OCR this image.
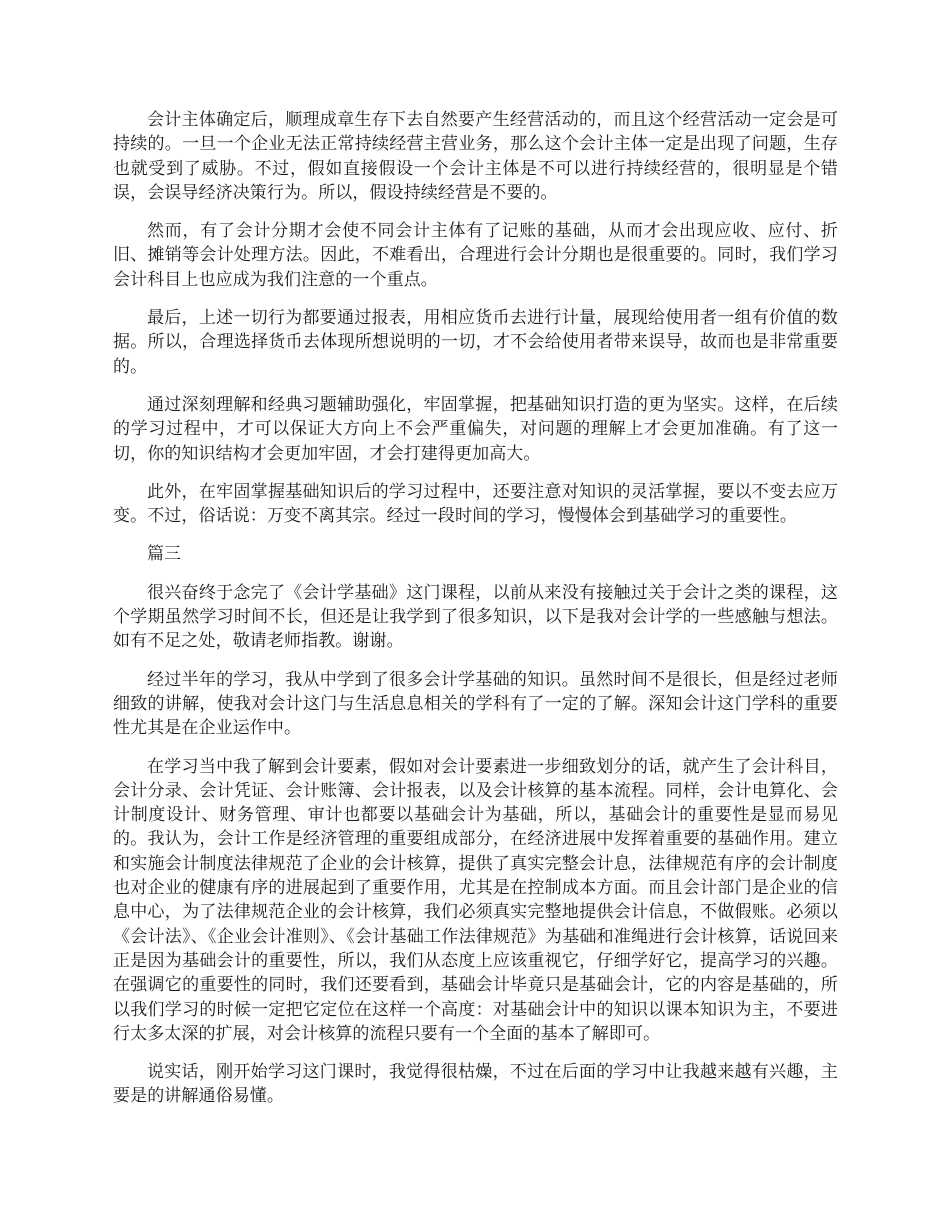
会计主体确定后，顺理成章生存下去自然要产生经营活动的，而且这个经营活动一定会是可持续的。一旦一个企业无法正常持续经营主营业务，那么这个会计主体一定是出现了问题，生存也就受到了威胁。不过，假如直接假设一个会计主体是不可以进行持续经营的，很明显是个错误，会误导经济决策行为。所以，假设持续经营是不要的。

然而，有了会计分期才会使不同会计主体有了记账的基础，从而才会出现应收、应付、折旧、摊销等会计处理方法。因此，不难看出，合理进行会计分期也是很重要的。同时，我们学习会计科目上也应成为我们注意的一个重点。

最后，上述一切行为都要通过报表，用相应货币去进行计量，展现给使用者一组有价值的数据。所以，合理选择货币去体现所想说明的一切，才不会给使用者带来误导，故而也是非常重要的。

通过深刻理解和经典习题辅助强化，牢固掌握，把基础知识打造的更为坚实。这样，在后续的学习过程中，才可以保证大方向上不会严重偏失，对问题的理解上才会更加准确。有了这一切，你的知识结构才会更加牢固，才会打建得更加高大。

此外，在牢固掌握基础知识后的学习过程中，还要注意对知识的灵活掌握，要以不变去应万变。不过，俗话说：万变不离其宗。经过一段时间的学习，慢慢体会到基础学习的重要性。

篇三

很兴奋终于念完了《会计学基础》这门课程，以前从来没有接触过关于会计之类的课程，这个学期虽然学习时间不长，但还是让我学到了很多知识，以下是我对会计学的一些感触与想法。如有不足之处，敬请老师指教。谢谢。

经过半年的学习，我从中学到了很多会计学基础的知识。虽然时间不是很长，但是经过老师细致的讲解，使我对会计这门与生活息息相关的学科有了一定的了解。深知会计这门学科的重要性尤其是在企业运作中。

在学习当中我了解到会计要素，假如对会计要素进一步细致划分的话，就产生了会计科目，会计分录、会计凭证、会计账簿、会计报表，以及会计核算的基本流程。同样，会计电算化、会计制度设计、财务管理、审计也都要以基础会计为基础，所以，基础会计的重要性是显而易见的。我认为，会计工作是经济管理的重要组成部分，在经济进展中发挥着重要的基础作用。建立和实施会计制度法律规范了企业的会计核算，提供了真实完整会计息，法律规范有序的会计制度也对企业的健康有序的进展起到了重要作用，尤其是在控制成本方面。而且会计部门是企业的信息中心，为了法律规范企业的会计核算，我们必须真实完整地提供会计信息，不做假账。必须以《会计法》、《企业会计准则》、《会计基础工作法律规范》为基础和准绳进行会计核算，话说回来正是因为基础会计的重要性，所以，我们从态度上应该重视它，仔细学好它，提高学习的兴趣。在强调它的重要性的同时，我们还要看到，基础会计毕竟只是基础会计，它的内容是基础的，所以我们学习的时候一定把它定位在这样一个高度：对基础会计中的知识以课本知识为主，不要进行太多太深的扩展，对会计核算的流程只要有一个全面的基本了解即可。

说实话，刚开始学习这门课时，我觉得很枯燥，不过在后面的学习中让我越来越有兴趣，主要是的讲解通俗易懂。
